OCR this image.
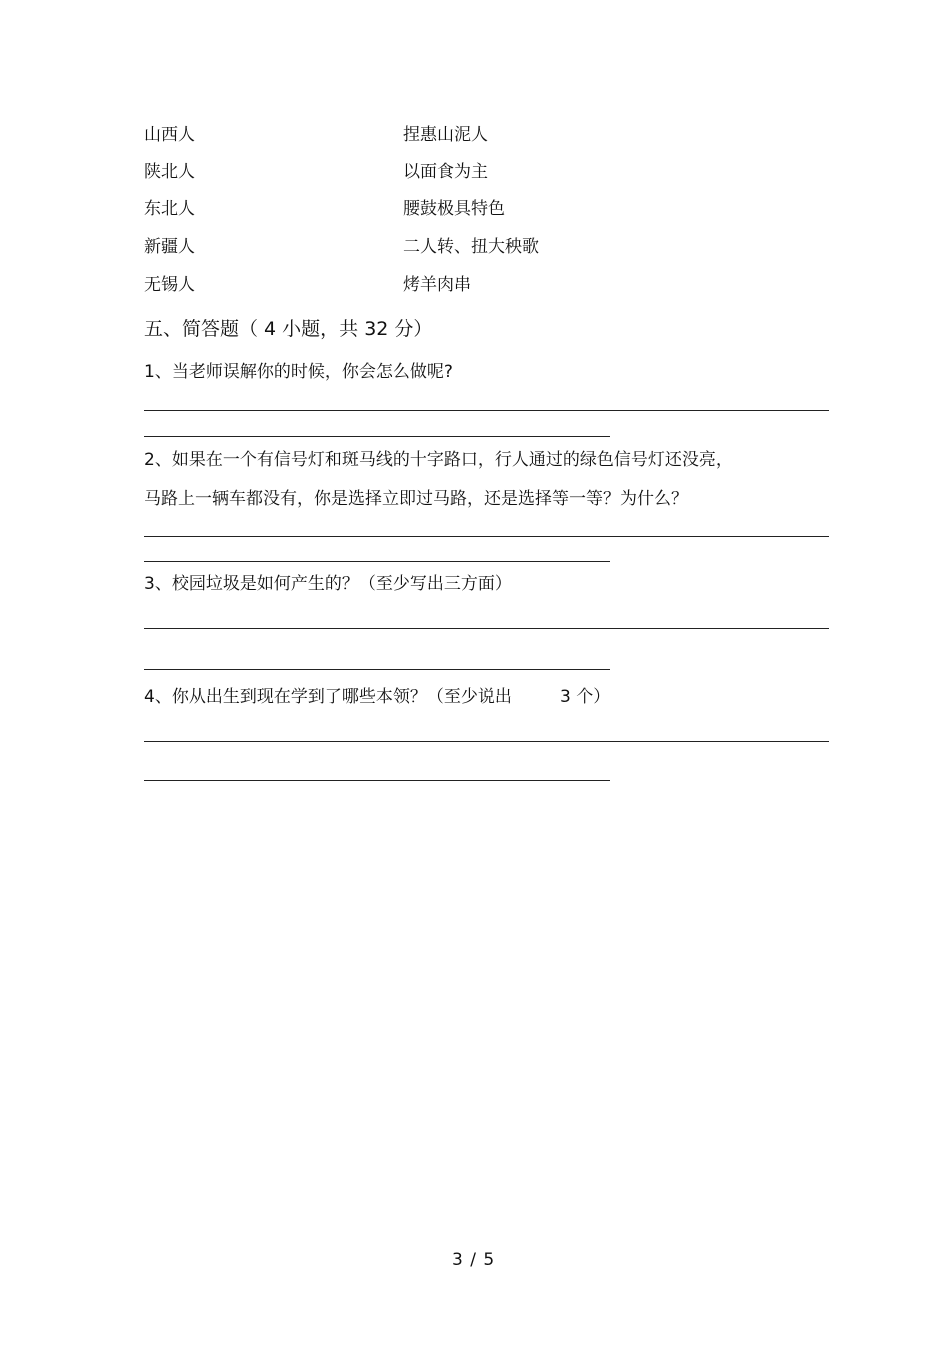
山西人	捏惠山泥人
陕北人	以面食为主
东北人	腰鼓极具特色
新疆人	二人转、扭大秧歌
无锡人	烤羊肉串
五、简答题（ 4 小题，共 32 分）
1、当老师误解你的时候，你会怎么做呢?
2、如果在一个有信号灯和斑马线的十字路口，行人通过的绿色信号灯还没亮，
马路上一辆车都没有，你是选择立即过马路，还是选择等一等？为什么？
3、校园垃圾是如何产生的？（至少写出三方面）
4、你从出生到现在学到了哪些本领？（至少说出	3 个）
3 / 5
